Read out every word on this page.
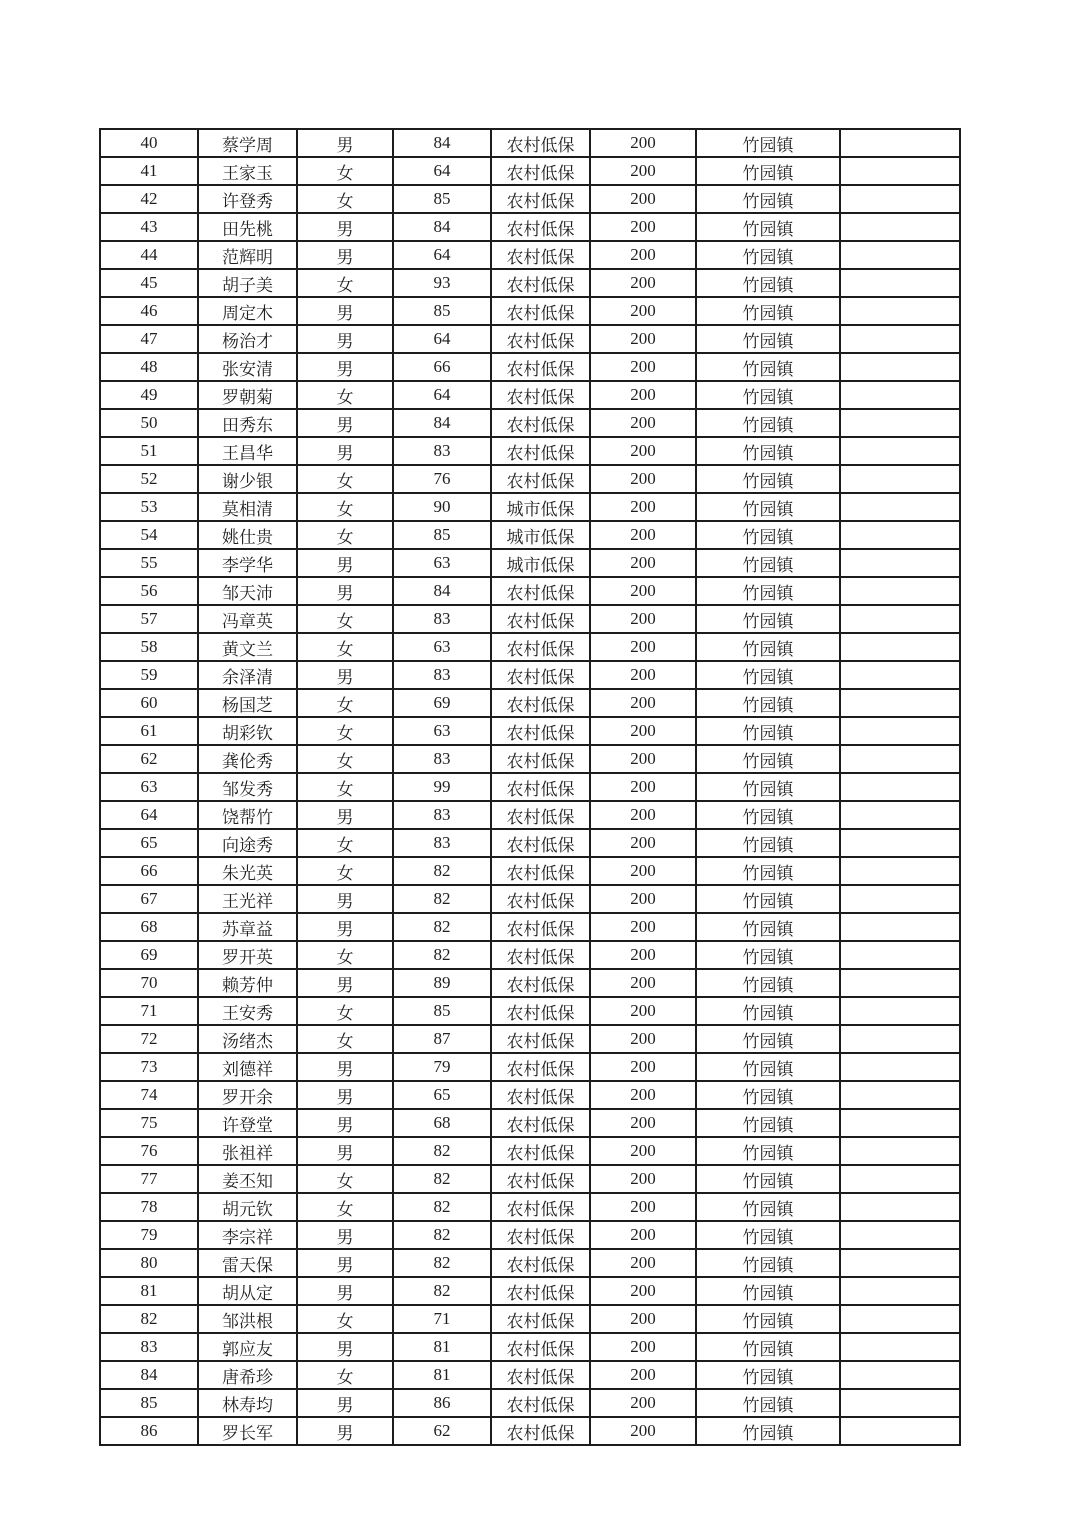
40	蔡学周	男	84	农村低保	200	竹园镇	
41	王家玉	女	64	农村低保	200	竹园镇	
42	许登秀	女	85	农村低保	200	竹园镇	
43	田先桃	男	84	农村低保	200	竹园镇	
44	范辉明	男	64	农村低保	200	竹园镇	
45	胡子美	女	93	农村低保	200	竹园镇	
46	周定木	男	85	农村低保	200	竹园镇	
47	杨治才	男	64	农村低保	200	竹园镇	
48	张安清	男	66	农村低保	200	竹园镇	
49	罗朝菊	女	64	农村低保	200	竹园镇	
50	田秀东	男	84	农村低保	200	竹园镇	
51	王昌华	男	83	农村低保	200	竹园镇	
52	谢少银	女	76	农村低保	200	竹园镇	
53	莫相清	女	90	城市低保	200	竹园镇	
54	姚仕贵	女	85	城市低保	200	竹园镇	
55	李学华	男	63	城市低保	200	竹园镇	
56	邹天沛	男	84	农村低保	200	竹园镇	
57	冯章英	女	83	农村低保	200	竹园镇	
58	黄文兰	女	63	农村低保	200	竹园镇	
59	余泽清	男	83	农村低保	200	竹园镇	
60	杨国芝	女	69	农村低保	200	竹园镇	
61	胡彩钦	女	63	农村低保	200	竹园镇	
62	龚伦秀	女	83	农村低保	200	竹园镇	
63	邹发秀	女	99	农村低保	200	竹园镇	
64	饶帮竹	男	83	农村低保	200	竹园镇	
65	向途秀	女	83	农村低保	200	竹园镇	
66	朱光英	女	82	农村低保	200	竹园镇	
67	王光祥	男	82	农村低保	200	竹园镇	
68	苏章益	男	82	农村低保	200	竹园镇	
69	罗开英	女	82	农村低保	200	竹园镇	
70	赖芳仲	男	89	农村低保	200	竹园镇	
71	王安秀	女	85	农村低保	200	竹园镇	
72	汤绪杰	女	87	农村低保	200	竹园镇	
73	刘德祥	男	79	农村低保	200	竹园镇	
74	罗开余	男	65	农村低保	200	竹园镇	
75	许登堂	男	68	农村低保	200	竹园镇	
76	张祖祥	男	82	农村低保	200	竹园镇	
77	姜丕知	女	82	农村低保	200	竹园镇	
78	胡元钦	女	82	农村低保	200	竹园镇	
79	李宗祥	男	82	农村低保	200	竹园镇	
80	雷天保	男	82	农村低保	200	竹园镇	
81	胡从定	男	82	农村低保	200	竹园镇	
82	邹洪根	女	71	农村低保	200	竹园镇	
83	郭应友	男	81	农村低保	200	竹园镇	
84	唐希珍	女	81	农村低保	200	竹园镇	
85	林寿均	男	86	农村低保	200	竹园镇	
86	罗长军	男	62	农村低保	200	竹园镇	
